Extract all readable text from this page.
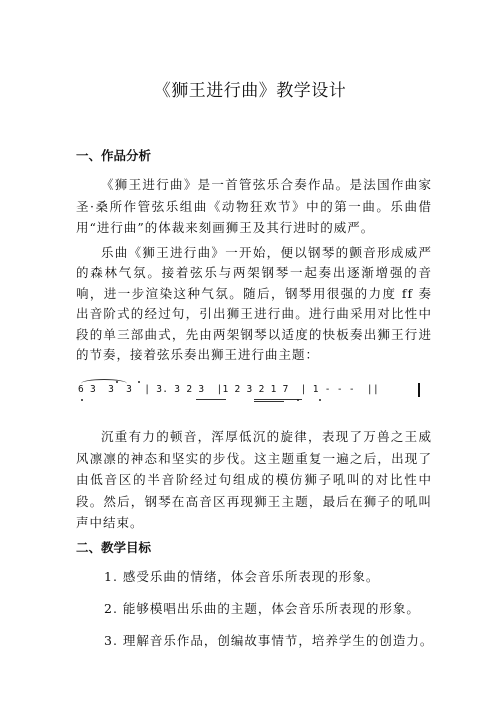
《狮王进行曲》教学设计
一、作品分析

《狮王进行曲》是一首管弦乐合奏作品。是法国作曲家圣·桑所作管弦乐组曲《动物狂欢节》中的第一曲。乐曲借用“进行曲”的体裁来刻画狮王及其行进时的威严。

乐曲《狮王进行曲》一开始，便以钢琴的颤音形成威严的森林气氛。接着弦乐与两架钢琴一起奏出逐渐增强的音响，进一步渲染这种气氛。随后，钢琴用很强的力度 ff 奏出音阶式的经过句，引出狮王进行曲。进行曲采用对比性中段的单三部曲式，先由两架钢琴以适度的快板奏出狮王行进的节奏，接着弦乐奏出狮王进行曲主题：

6 3  3  3  | 3. 3 2 3  |1 2 3 2 1 7  | 1 - - -  ||

沉重有力的顿音，浑厚低沉的旋律，表现了万兽之王威风凛凛的神态和坚实的步伐。这主题重复一遍之后，出现了由低音区的半音阶经过句组成的模仿狮子吼叫的对比性中段。然后，钢琴在高音区再现狮王主题，最后在狮子的吼叫声中结束。

二、教学目标
1. 感受乐曲的情绪，体会音乐所表现的形象。
2. 能够模唱出乐曲的主题，体会音乐所表现的形象。
3. 理解音乐作品，创编故事情节，培养学生的创造力。
